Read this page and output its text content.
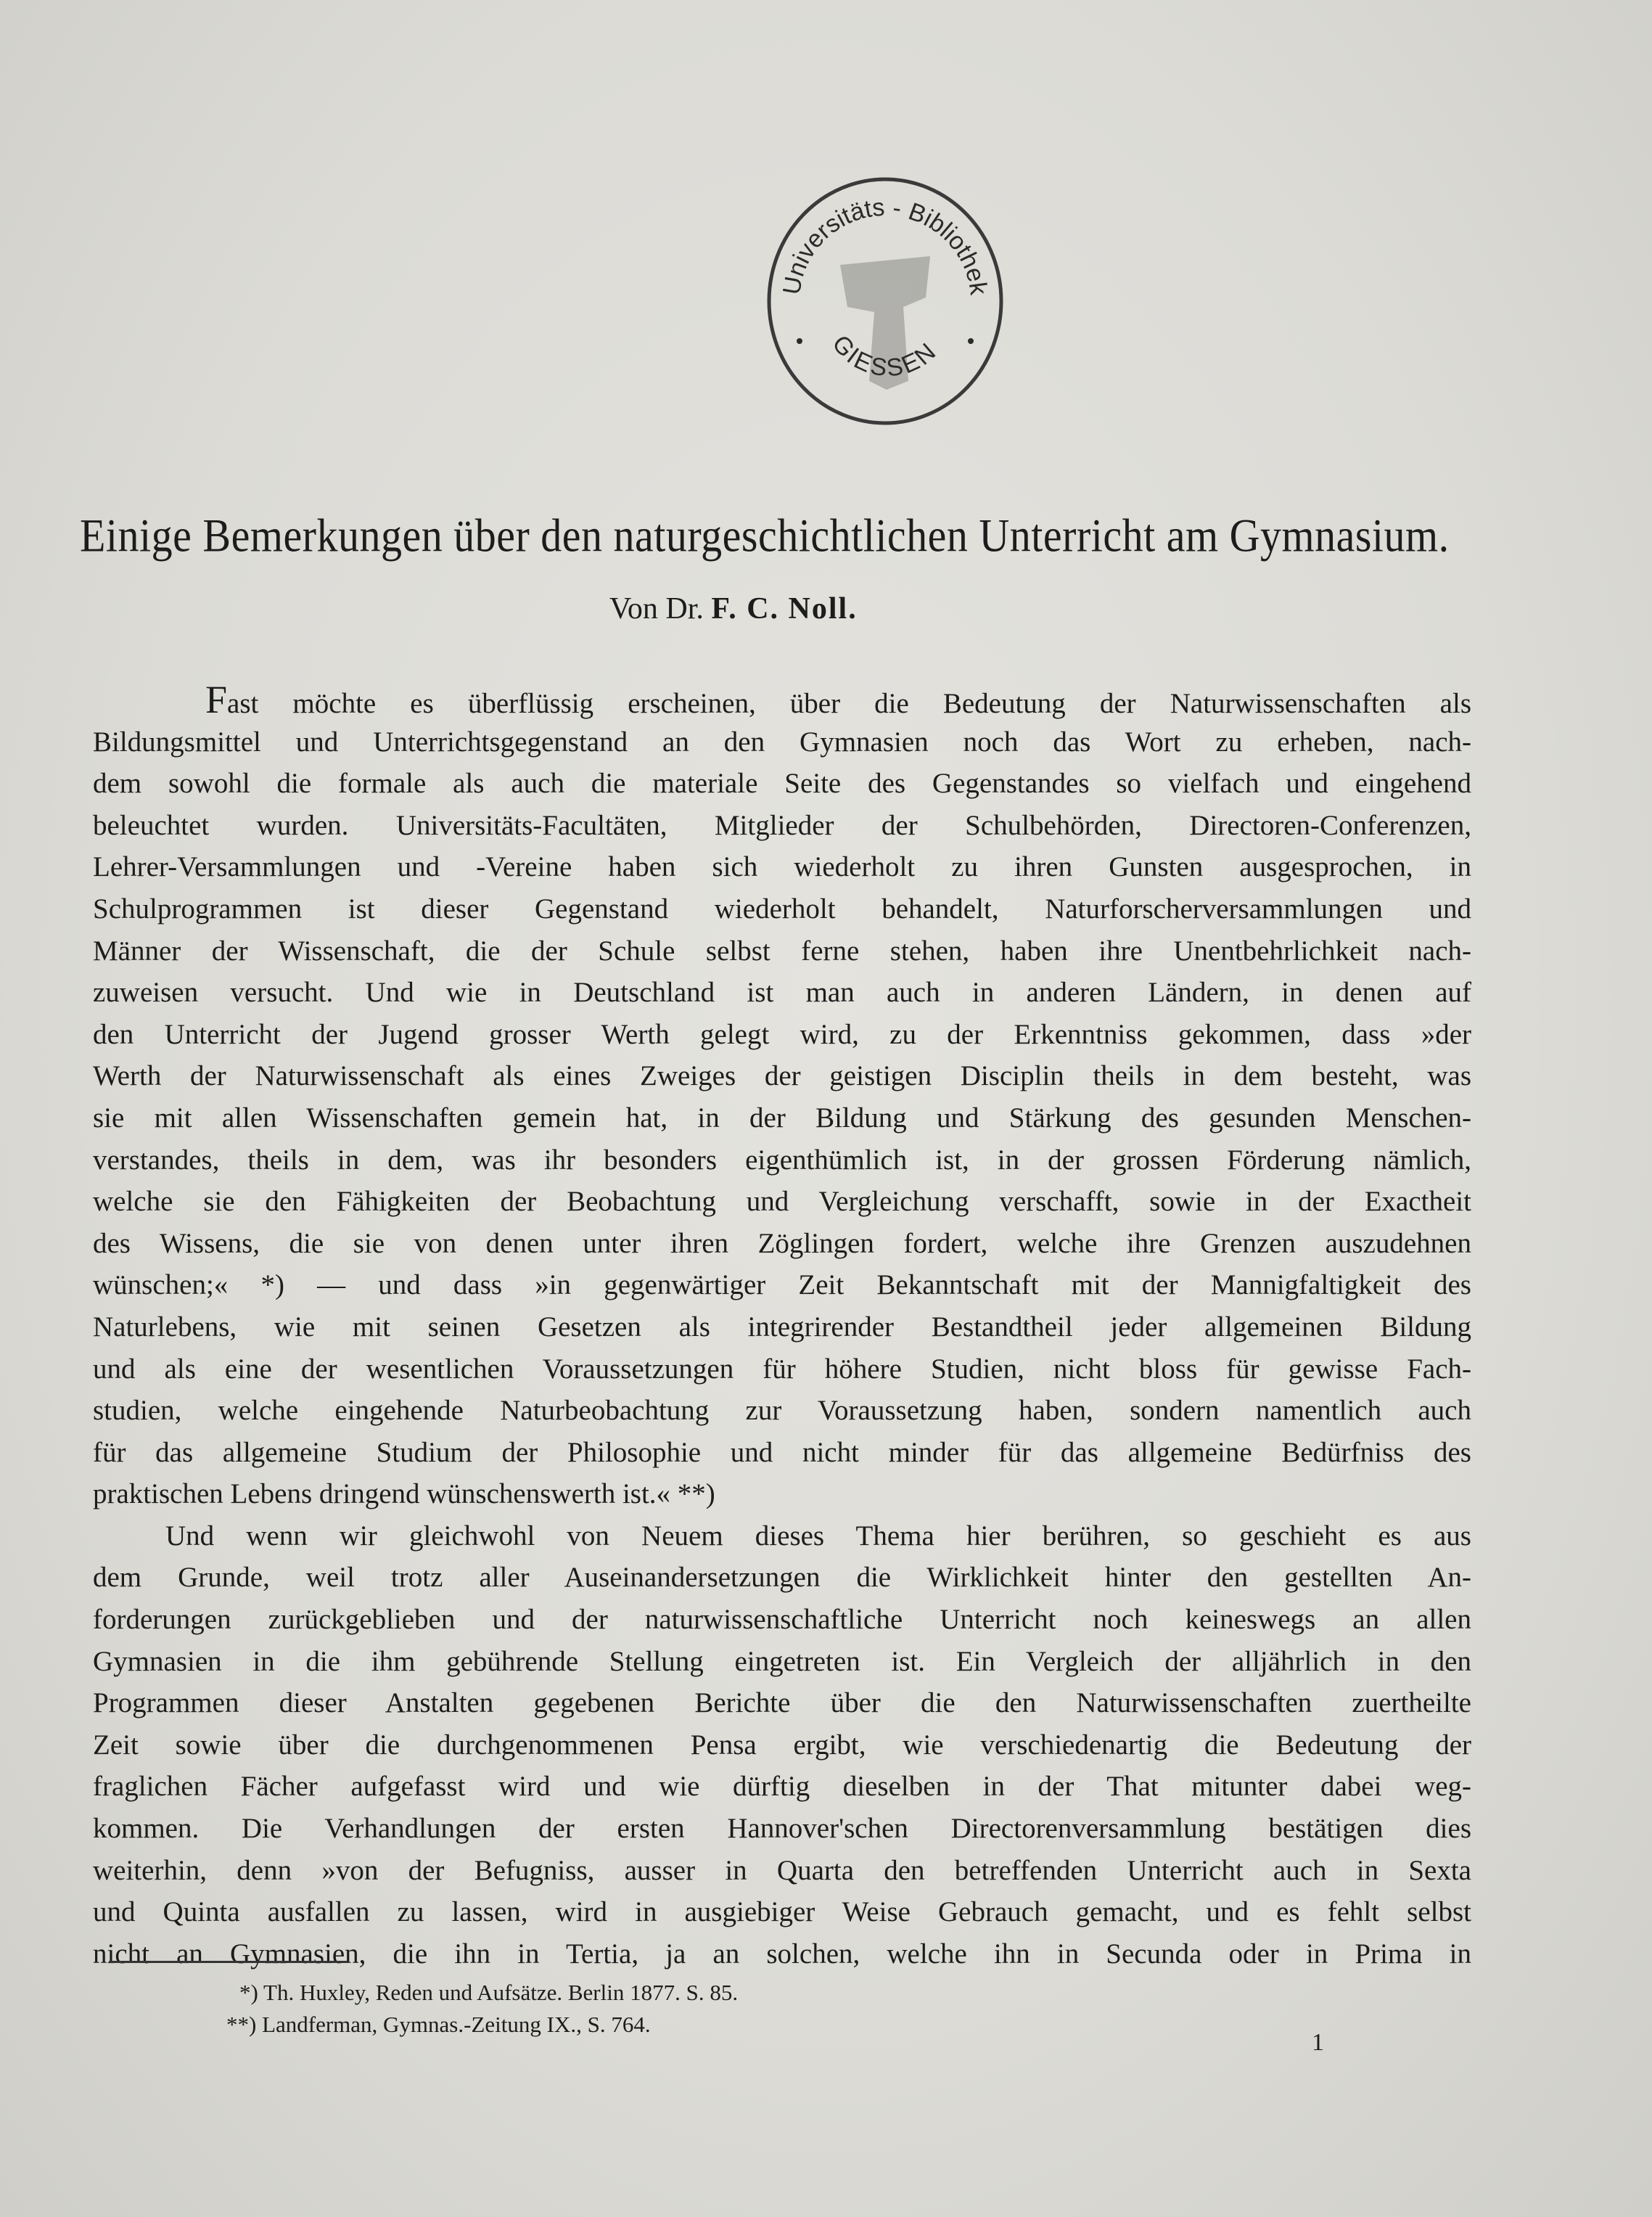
Universitäts - Bibliothek
GIESSEN
Einige Bemerkungen über den naturgeschichtlichen Unterricht am Gymnasium.
Von Dr. F. C. Noll.
Fast möchte es überflüssig erscheinen, über die Bedeutung der Naturwissenschaften als
Bildungsmittel und Unterrichtsgegenstand an den Gymnasien noch das Wort zu erheben, nach-
dem sowohl die formale als auch die materiale Seite des Gegenstandes so vielfach und eingehend
beleuchtet wurden. Universitäts-Facultäten, Mitglieder der Schulbehörden, Directoren-Conferenzen,
Lehrer-Versammlungen und -Vereine haben sich wiederholt zu ihren Gunsten ausgesprochen, in
Schulprogrammen ist dieser Gegenstand wiederholt behandelt, Naturforscherversammlungen und
Männer der Wissenschaft, die der Schule selbst ferne stehen, haben ihre Unentbehrlichkeit nach-
zuweisen versucht. Und wie in Deutschland ist man auch in anderen Ländern, in denen auf
den Unterricht der Jugend grosser Werth gelegt wird, zu der Erkenntniss gekommen, dass »der
Werth der Naturwissenschaft als eines Zweiges der geistigen Disciplin theils in dem besteht, was
sie mit allen Wissenschaften gemein hat, in der Bildung und Stärkung des gesunden Menschen-
verstandes, theils in dem, was ihr besonders eigenthümlich ist, in der grossen Förderung nämlich,
welche sie den Fähigkeiten der Beobachtung und Vergleichung verschafft, sowie in der Exactheit
des Wissens, die sie von denen unter ihren Zöglingen fordert, welche ihre Grenzen auszudehnen
wünschen;« *) — und dass »in gegenwärtiger Zeit Bekanntschaft mit der Mannigfaltigkeit des
Naturlebens, wie mit seinen Gesetzen als integrirender Bestandtheil jeder allgemeinen Bildung
und als eine der wesentlichen Voraussetzungen für höhere Studien, nicht bloss für gewisse Fach-
studien, welche eingehende Naturbeobachtung zur Voraussetzung haben, sondern namentlich auch
für das allgemeine Studium der Philosophie und nicht minder für das allgemeine Bedürfniss des
praktischen Lebens dringend wünschenswerth ist.« **)
Und wenn wir gleichwohl von Neuem dieses Thema hier berühren, so geschieht es aus
dem Grunde, weil trotz aller Auseinandersetzungen die Wirklichkeit hinter den gestellten An-
forderungen zurückgeblieben und der naturwissenschaftliche Unterricht noch keineswegs an allen
Gymnasien in die ihm gebührende Stellung eingetreten ist. Ein Vergleich der alljährlich in den
Programmen dieser Anstalten gegebenen Berichte über die den Naturwissenschaften zuertheilte
Zeit sowie über die durchgenommenen Pensa ergibt, wie verschiedenartig die Bedeutung der
fraglichen Fächer aufgefasst wird und wie dürftig dieselben in der That mitunter dabei weg-
kommen. Die Verhandlungen der ersten Hannover'schen Directorenversammlung bestätigen dies
weiterhin, denn »von der Befugniss, ausser in Quarta den betreffenden Unterricht auch in Sexta
und Quinta ausfallen zu lassen, wird in ausgiebiger Weise Gebrauch gemacht, und es fehlt selbst
nicht an Gymnasien, die ihn in Tertia, ja an solchen, welche ihn in Secunda oder in Prima in
*) Th. Huxley, Reden und Aufsätze. Berlin 1877. S. 85.
**) Landferman, Gymnas.-Zeitung IX., S. 764.
1
